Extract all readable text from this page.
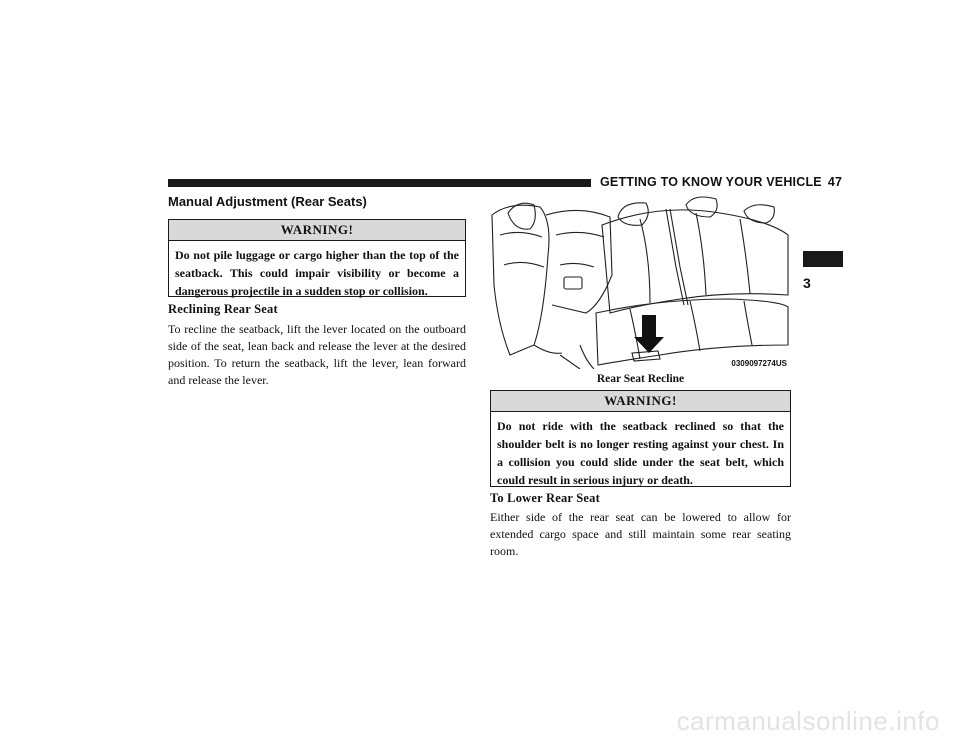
GETTING TO KNOW YOUR VEHICLE 47
3
Manual Adjustment (Rear Seats)
WARNING!
Do not pile luggage or cargo higher than the top of the seatback. This could impair visibility or become a dangerous projectile in a sudden stop or collision.
Reclining Rear Seat
To recline the seatback, lift the lever located on the outboard side of the seat, lean back and release the lever at the desired position. To return the seatback, lift the lever, lean forward and release the lever.
0309097274US
Rear Seat Recline
WARNING!
Do not ride with the seatback reclined so that the shoulder belt is no longer resting against your chest. In a collision you could slide under the seat belt, which could result in serious injury or death.
To Lower Rear Seat
Either side of the rear seat can be lowered to allow for extended cargo space and still maintain some rear seating room.
carmanualsonline.info
